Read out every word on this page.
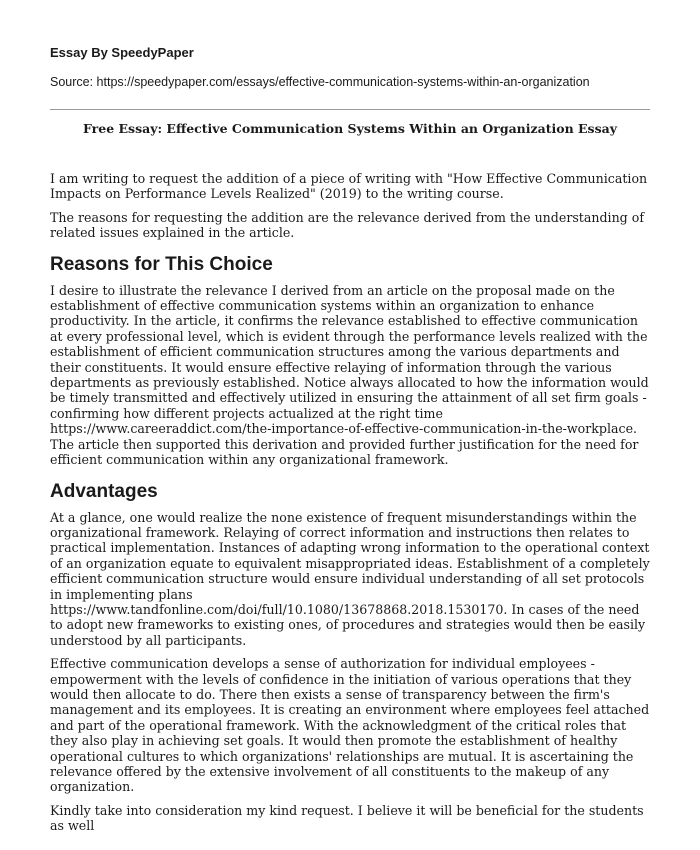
Essay By SpeedyPaper
Source: https://speedypaper.com/essays/effective-communication-systems-within-an-organization
Free Essay: Effective Communication Systems Within an Organization Essay

I am writing to request the addition of a piece of writing with "How Effective Communication Impacts on Performance Levels Realized" (2019) to the writing course.

The reasons for requesting the addition are the relevance derived from the understanding of related issues explained in the article.

Reasons for This Choice

I desire to illustrate the relevance I derived from an article on the proposal made on the establishment of effective communication systems within an organization to enhance productivity. In the article, it confirms the relevance established to effective communication at every professional level, which is evident through the performance levels realized with the establishment of efficient communication structures among the various departments and their constituents. It would ensure effective relaying of information through the various departments as previously established. Notice always allocated to how the information would be timely transmitted and effectively utilized in ensuring the attainment of all set firm goals - confirming how different projects actualized at the right time
https://www.careeraddict.com/the-importance-of-effective-communication-in-the-workplace. The article then supported this derivation and provided further justification for the need for efficient communication within any organizational framework.

Advantages

At a glance, one would realize the none existence of frequent misunderstandings within the organizational framework. Relaying of correct information and instructions then relates to practical implementation. Instances of adapting wrong information to the operational context of an organization equate to equivalent misappropriated ideas. Establishment of a completely efficient communication structure would ensure individual understanding of all set protocols in implementing plans https://www.tandfonline.com/doi/full/10.1080/13678868.2018.1530170. In cases of the need to adopt new frameworks to existing ones, of procedures and strategies would then be easily understood by all participants.

Effective communication develops a sense of authorization for individual employees - empowerment with the levels of confidence in the initiation of various operations that they would then allocate to do. There then exists a sense of transparency between the firm's management and its employees. It is creating an environment where employees feel attached and part of the operational framework. With the acknowledgment of the critical roles that they also play in achieving set goals. It would then promote the establishment of healthy operational cultures to which organizations' relationships are mutual. It is ascertaining the relevance offered by the extensive involvement of all constituents to the makeup of any organization.

Kindly take into consideration my kind request. I believe it will be beneficial for the students as well
